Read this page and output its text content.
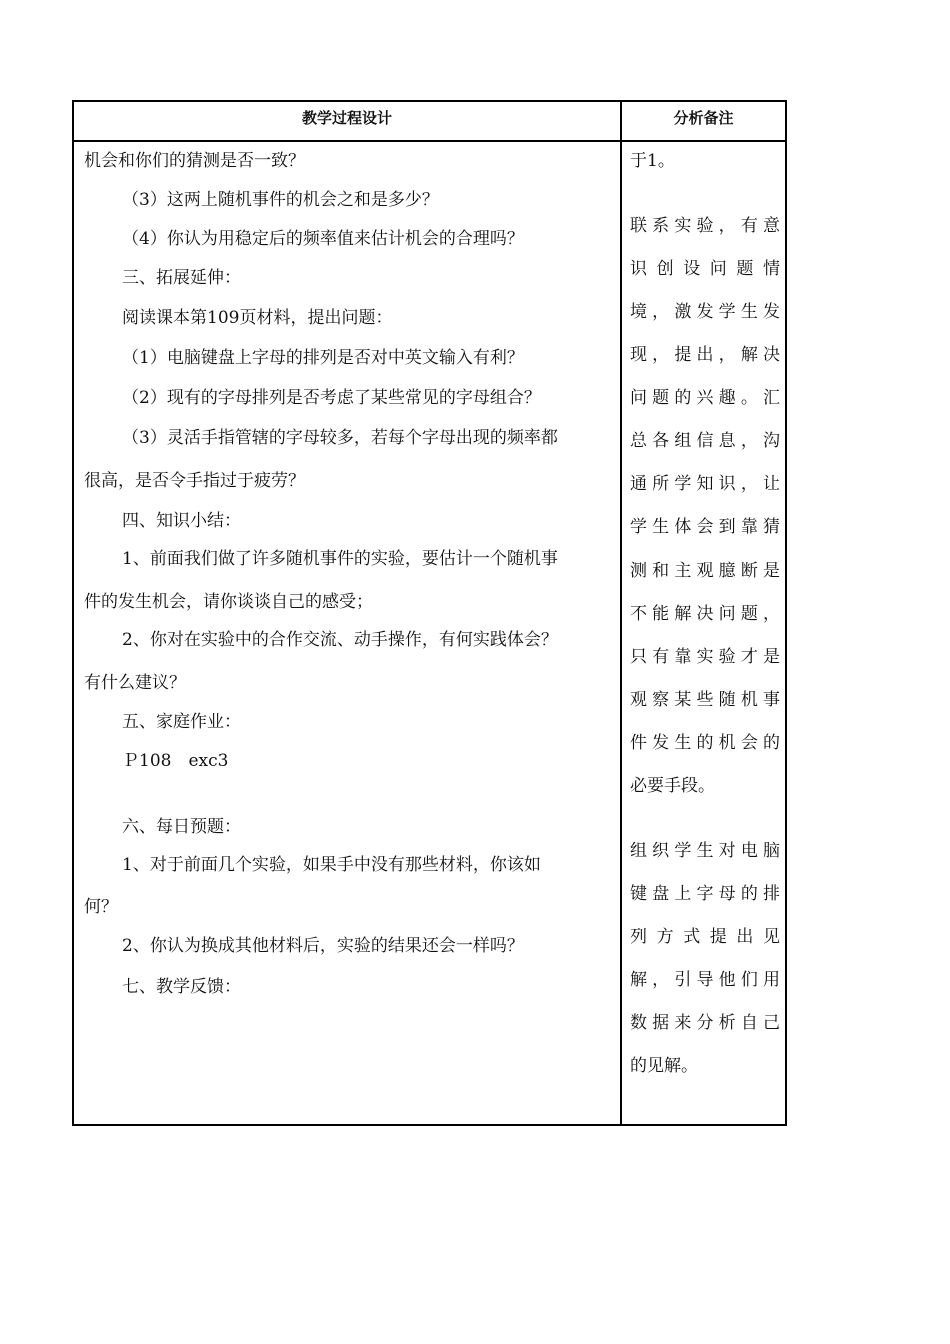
教学过程设计	分析备注
机会和你们的猜测是否一致？
（3）这两上随机事件的机会之和是多少？
（4）你认为用稳定后的频率值来估计机会的合理吗？
三、拓展延伸：
阅读课本第109页材料，提出问题：
（1）电脑键盘上字母的排列是否对中英文输入有利？
（2）现有的字母排列是否考虑了某些常见的字母组合？
（3）灵活手指管辖的字母较多，若每个字母出现的频率都
很高，是否令手指过于疲劳？
四、知识小结：
1、前面我们做了许多随机事件的实验，要估计一个随机事
件的发生机会，请你谈谈自己的感受；
2、你对在实验中的合作交流、动手操作，有何实践体会？
有什么建议？
五、家庭作业：
Ｐ108　exc3
六、每日预题：
1、对于前面几个实验，如果手中没有那些材料，你该如
何？
2、你认为换成其他材料后，实验的结果还会一样吗？
七、教学反馈：
于1。
联系实验，有意
识创设问题情
境，激发学生发
现，提出，解决
问题的兴趣。汇
总各组信息，沟
通所学知识，让
学生体会到靠猜
测和主观臆断是
不能解决问题，
只有靠实验才是
观察某些随机事
件发生的机会的
必要手段。
组织学生对电脑
键盘上字母的排
列方式提出见
解，引导他们用
数据来分析自己
的见解。
